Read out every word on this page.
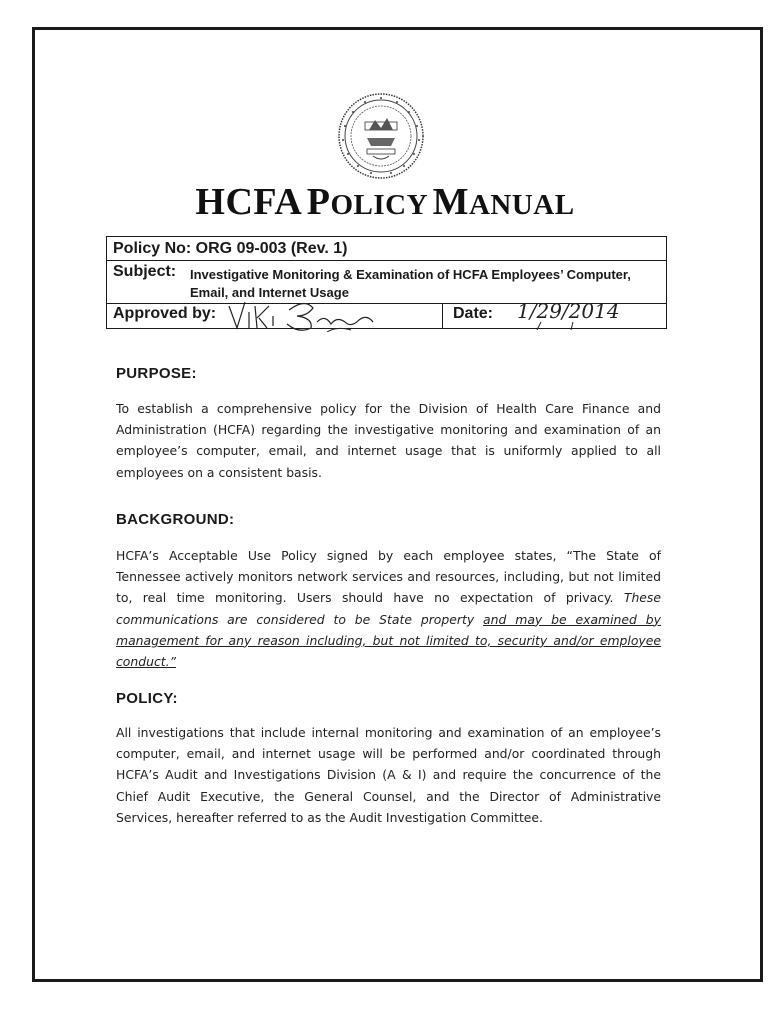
HCFA POLICY MANUAL
Policy No: ORG 09-003 (Rev. 1)
Subject: Investigative Monitoring & Examination of HCFA Employees’ Computer,
Email, and Internet Usage
Approved by:	Date: 1/29/2014
PURPOSE:
To establish a comprehensive policy for the Division of Health Care Finance and Administration (HCFA) regarding the investigative monitoring and examination of an employee’s computer, email, and internet usage that is uniformly applied to all employees on a consistent basis.
BACKGROUND:
HCFA’s Acceptable Use Policy signed by each employee states, “The State of Tennessee actively monitors network services and resources, including, but not limited to, real time monitoring. Users should have no expectation of privacy. These communications are considered to be State property and may be examined by management for any reason including, but not limited to, security and/or employee conduct.”
POLICY:
All investigations that include internal monitoring and examination of an employee’s computer, email, and internet usage will be performed and/or coordinated through HCFA’s Audit and Investigations Division (A & I) and require the concurrence of the Chief Audit Executive, the General Counsel, and the Director of Administrative Services, hereafter referred to as the Audit Investigation Committee.
